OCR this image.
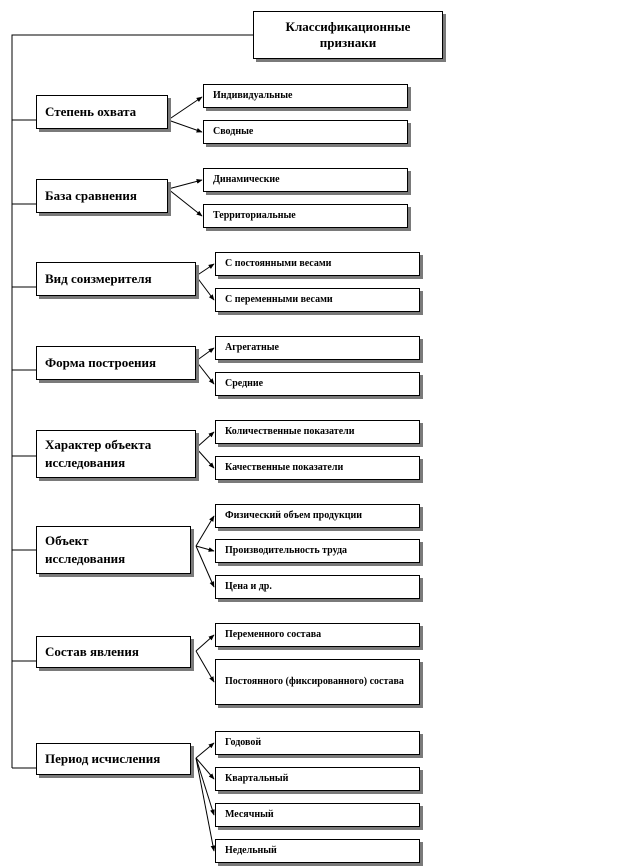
Классификационные признаки
Степень охвата
Индивидуальные
Сводные
База сравнения
Динамические
Территориальные
Вид соизмерителя
С постоянными весами
С переменными весами
Форма построения
Агрегатные
Средние
Характер объекта исследования
Количественные показатели
Качественные показатели
Объект исследования
Физический объем продукции
Производительность труда
Цена и др.
Состав явления
Переменного состава
Постоянного (фиксированного) состава
Период исчисления
Годовой
Квартальный
Месячный
Недельный
